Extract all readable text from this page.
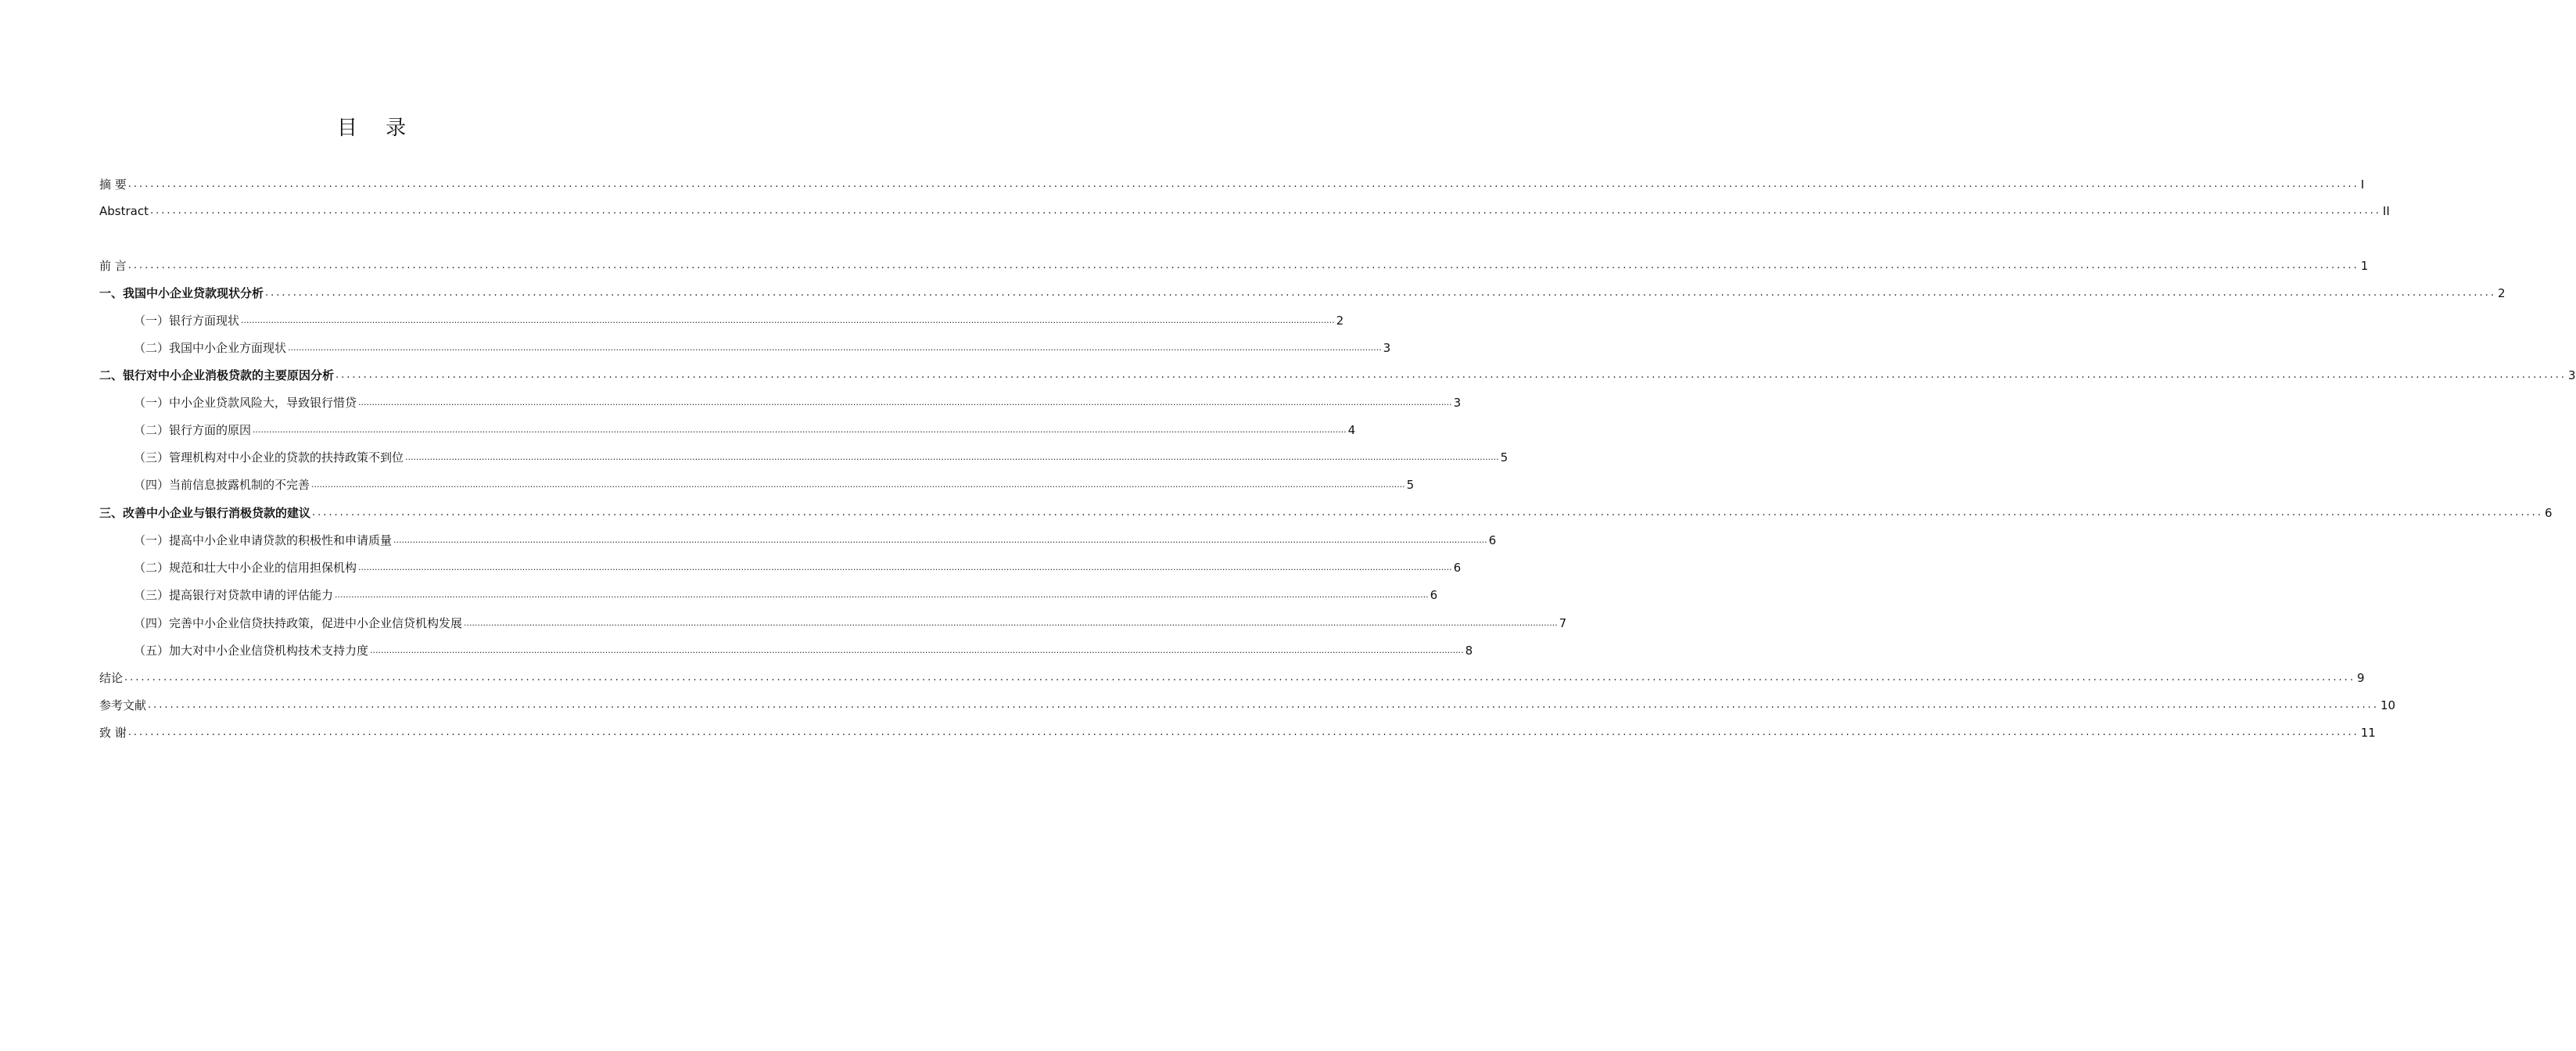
目 录
摘 要 ................................................................................................................................................................................................................................................................................................................................................................................................................ I
Abstract ................................................................................................................................................................................................................................................................................................................................................................................................................ II
前 言 ................................................................................................................................................................................................................................................................................................................................................................................................................ 1
一、我国中小企业贷款现状分析 ................................................................................................................................................................................................................................................................................................................................................................................................................ 2
（一）银行方面现状 ................................................................................................................................................................................................................................................................................................................................................................................................................ 2
（二）我国中小企业方面现状 ................................................................................................................................................................................................................................................................................................................................................................................................................ 3
二、银行对中小企业消极贷款的主要原因分析 ................................................................................................................................................................................................................................................................................................................................................................................................................ 3
（一）中小企业贷款风险大，导致银行惜贷 ................................................................................................................................................................................................................................................................................................................................................................................................................ 3
（二）银行方面的原因 ................................................................................................................................................................................................................................................................................................................................................................................................................ 4
（三）管理机构对中小企业的贷款的扶持政策不到位 ................................................................................................................................................................................................................................................................................................................................................................................................................ 5
（四）当前信息披露机制的不完善 ................................................................................................................................................................................................................................................................................................................................................................................................................ 5
三、改善中小企业与银行消极贷款的建议 ................................................................................................................................................................................................................................................................................................................................................................................................................ 6
（一）提高中小企业申请贷款的积极性和申请质量 ................................................................................................................................................................................................................................................................................................................................................................................................................ 6
（二）规范和壮大中小企业的信用担保机构 ................................................................................................................................................................................................................................................................................................................................................................................................................ 6
（三）提高银行对贷款申请的评估能力 ................................................................................................................................................................................................................................................................................................................................................................................................................ 6
（四）完善中小企业信贷扶持政策，促进中小企业信贷机构发展 ................................................................................................................................................................................................................................................................................................................................................................................................................ 7
（五）加大对中小企业信贷机构技术支持力度 ................................................................................................................................................................................................................................................................................................................................................................................................................ 8
结论 ................................................................................................................................................................................................................................................................................................................................................................................................................ 9
参考文献 ................................................................................................................................................................................................................................................................................................................................................................................................................ 10
致 谢 ................................................................................................................................................................................................................................................................................................................................................................................................................ 11
